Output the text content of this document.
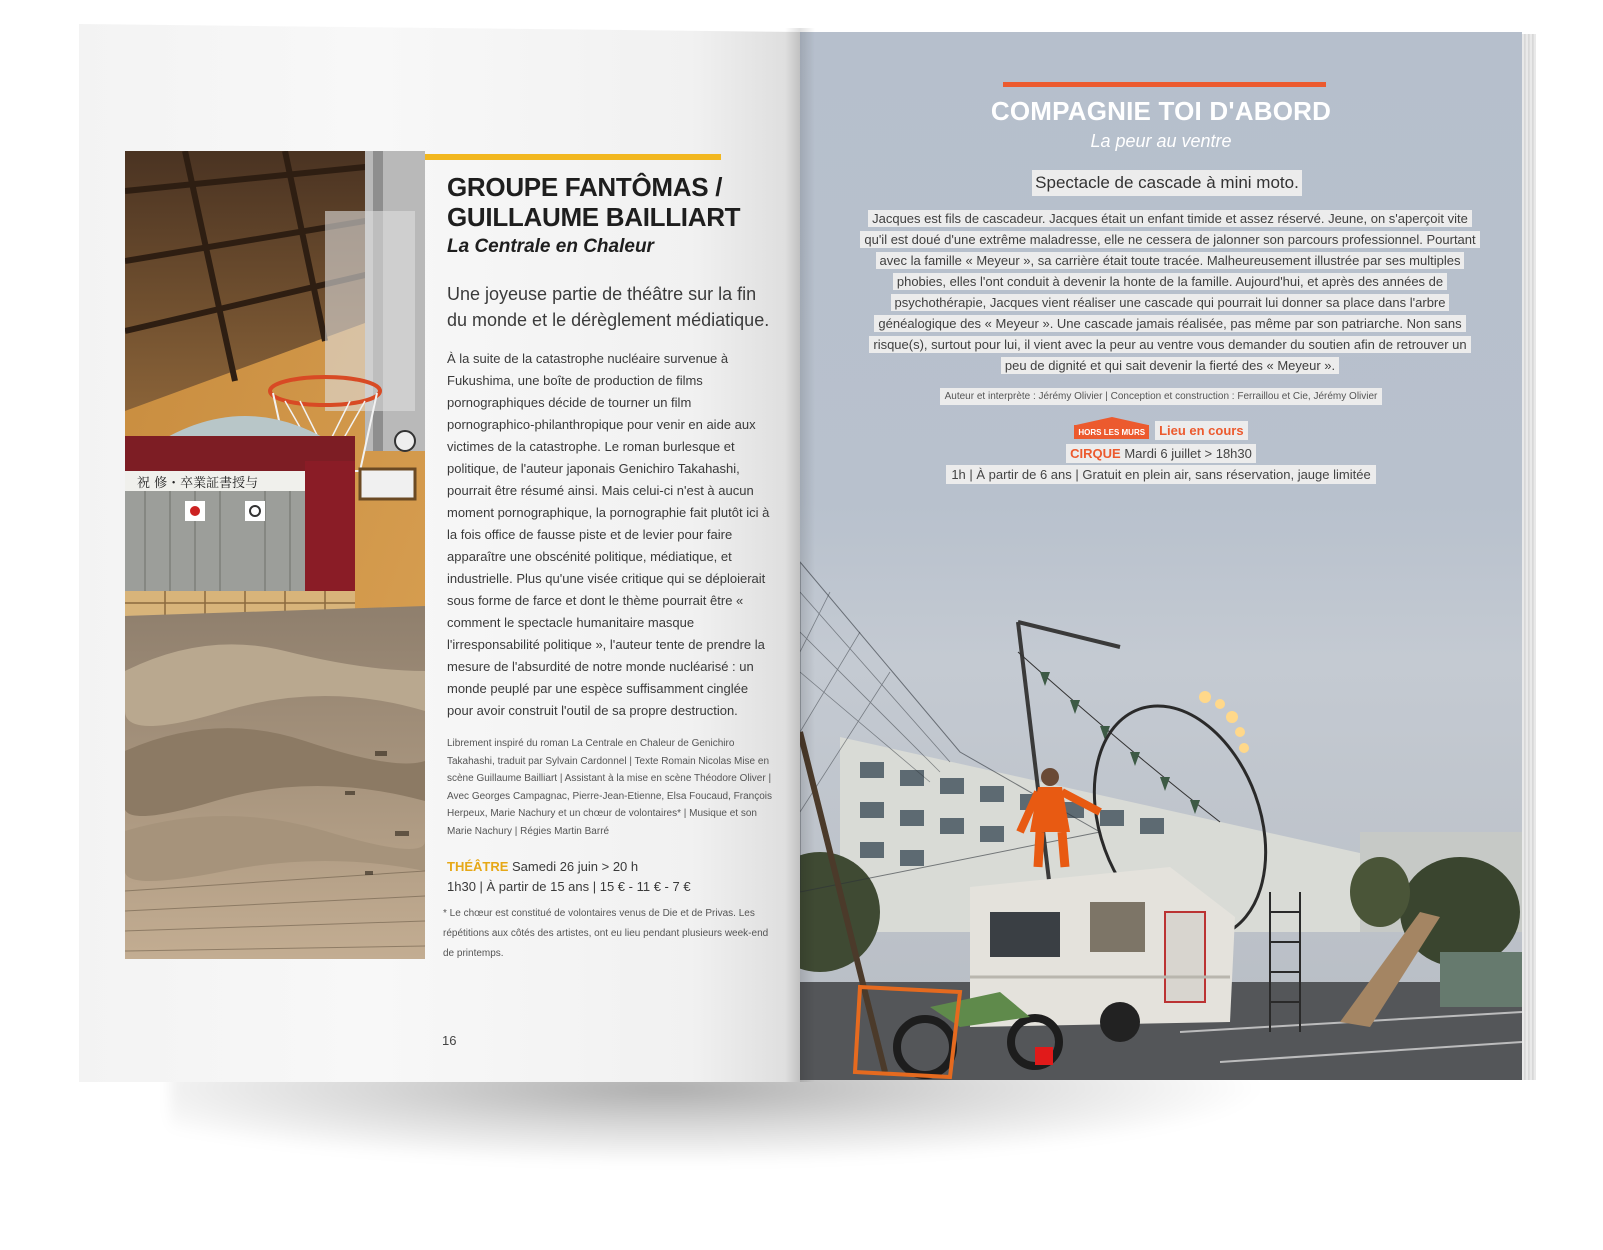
祝 修・卒業証書授与
GROUPE FANTÔMAS / GUILLAUME BAILLIART
La Centrale en Chaleur
Une joyeuse partie de théâtre sur la fin du monde et le dérèglement médiatique.
À la suite de la catastrophe nucléaire survenue à Fukushima, une boîte de production de films pornographiques décide de tourner un film pornographico-philanthropique pour venir en aide aux victimes de la catastrophe. Le roman burlesque et politique, de l'auteur japonais Genichiro Takahashi, pourrait être résumé ainsi. Mais celui-ci n'est à aucun moment pornographique, la pornographie fait plutôt ici à la fois office de fausse piste et de levier pour faire apparaître une obscénité politique, médiatique, et industrielle. Plus qu'une visée critique qui se déploierait sous forme de farce et dont le thème pourrait être « comment le spectacle humanitaire masque l'irresponsabilité politique », l'auteur tente de prendre la mesure de l'absurdité de notre monde nucléarisé : un monde peuplé par une espèce suffisamment cinglée pour avoir construit l'outil de sa propre destruction.
Librement inspiré du roman La Centrale en Chaleur de Genichiro Takahashi, traduit par Sylvain Cardonnel | Texte Romain Nicolas Mise en scène Guillaume Bailliart | Assistant à la mise en scène Théodore Oliver | Avec Georges Campagnac, Pierre-Jean-Etienne, Elsa Foucaud, François Herpeux, Marie Nachury et un chœur de volontaires* | Musique et son Marie Nachury | Régies Martin Barré
THÉÂTRE Samedi 26 juin > 20 h
1h30 | À partir de 15 ans | 15 € - 11 € - 7 €
* Le chœur est constitué de volontaires venus de Die et de Privas. Les répétitions aux côtés des artistes, ont eu lieu pendant plusieurs week-end de printemps.
16
COMPAGNIE TOI D'ABORD
La peur au ventre
Spectacle de cascade à mini moto.
Jacques est fils de cascadeur. Jacques était un enfant timide et assez réservé. Jeune, on s'aperçoit vite qu'il est doué d'une extrême maladresse, elle ne cessera de jalonner son parcours professionnel. Pourtant avec la famille « Meyeur », sa carrière était toute tracée. Malheureusement illustrée par ses multiples phobies, elles l'ont conduit à devenir la honte de la famille. Aujourd'hui, et après des années de psychothérapie, Jacques vient réaliser une cascade qui pourrait lui donner sa place dans l'arbre généalogique des « Meyeur ». Une cascade jamais réalisée, pas même par son patriarche. Non sans risque(s), surtout pour lui, il vient avec la peur au ventre vous demander du soutien afin de retrouver un peu de dignité et qui sait devenir la fierté des « Meyeur ».
Auteur et interprète : Jérémy Olivier | Conception et construction : Ferraillou et Cie, Jérémy Olivier
HORS LES MURS Lieu en cours
CIRQUE Mardi 6 juillet > 18h30
1h | À partir de 6 ans | Gratuit en plein air, sans réservation, jauge limitée
